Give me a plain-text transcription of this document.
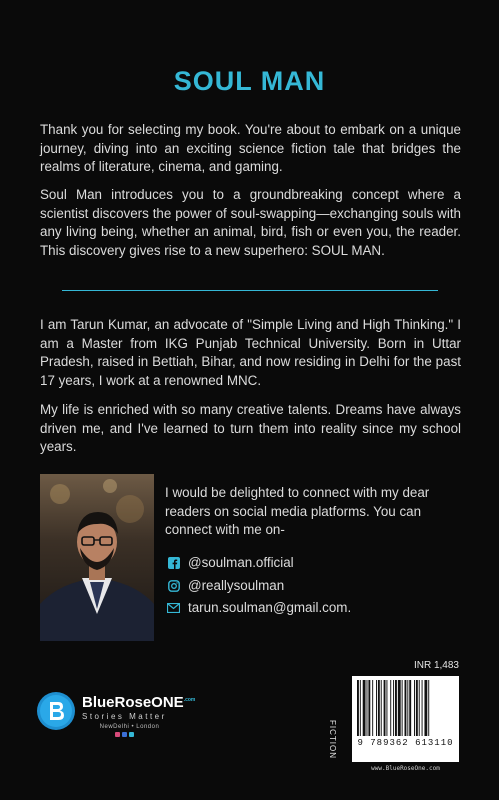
SOUL MAN
Thank you for selecting my book. You're about to embark on a unique journey, diving into an exciting science fiction tale that bridges the realms of literature, cinema, and gaming.
Soul Man introduces you to a groundbreaking concept where a scientist discovers the power of soul-swapping—exchanging souls with any living being, whether an animal, bird, fish or even you, the reader. This discovery gives rise to a new superhero: SOUL MAN.
I am Tarun Kumar, an advocate of "Simple Living and High Thinking." I am a Master from IKG Punjab Technical University. Born in Uttar Pradesh, raised in Bettiah, Bihar, and now residing in Delhi for the past 17 years, I work at a renowned MNC.
My life is enriched with so many creative talents. Dreams have always driven me, and I've learned to turn them into reality since my school years.
I would be delighted to connect with my dear readers on social media platforms. You can connect with me on-
@soulman.official
@reallysoulman
tarun.soulman@gmail.com.
BlueRoseONE$^{.com}$
Stories Matter
NewDelhi • London
INR 1,483
FICTION	9 789362 613110
www.BlueRoseOne.com
